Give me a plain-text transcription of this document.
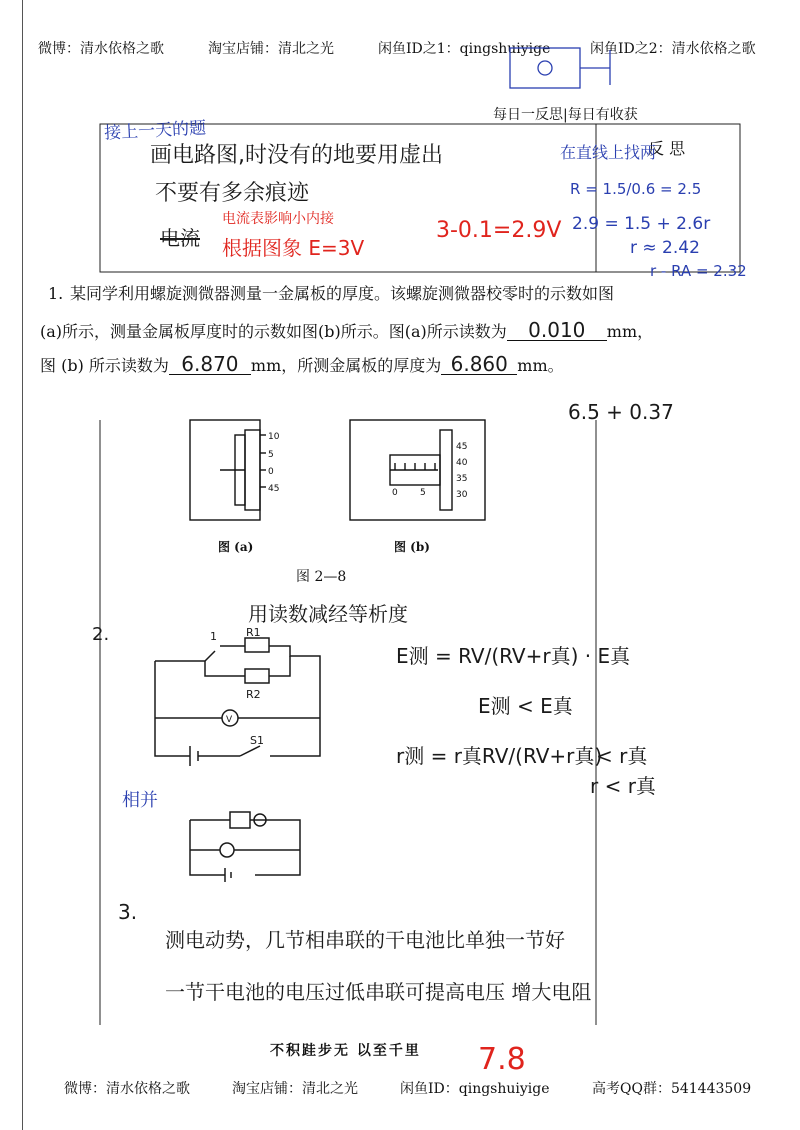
微博：清水依格之歌	淘宝店铺：清北之光	闲鱼ID之1：qingshuiyige	闲鱼ID之2：清水依格之歌
每日一反思|每日有收获
反 思
接上一天的题
画电路图,时没有的地要用虚出
不要有多余痕迹
电流
电流表影响小内接
根据图象 E=3V
3-0.1=2.9V
在直线上找两
R = 1.5/0.6 = 2.5
2.9 = 1.5 + 2.6r
r ≈ 2.42
r - RA = 2.32
1. 某同学利用螺旋测微器测量一金属板的厚度。该螺旋测微器校零时的示数如图
(a)所示，测量金属板厚度时的示数如图(b)所示。图(a)所示读数为 0.010 mm，
图 (b) 所示读数为 6.870 mm，所测金属板的厚度为 6.860 mm。
6.5 + 0.37
10
5
0
45	0 5
45
40
35
30
图 (a)	图 (b)
图 2—8
2.
用读数减经等析度
1	R1
R2
V
S1
相并
E测 = RV/(RV+r真) · E真
E测 < E真
r测 = r真RV/(RV+r真)
< r真
r < r真
3.
测电动势，几节相串联的干电池比单独一节好
一节干电池的电压过低串联可提高电压 增大电阻
不积跬步无 以至千里 7.8
微博：清水依格之歌	淘宝店铺：清北之光	闲鱼ID：qingshuiyige	高考QQ群：541443509
